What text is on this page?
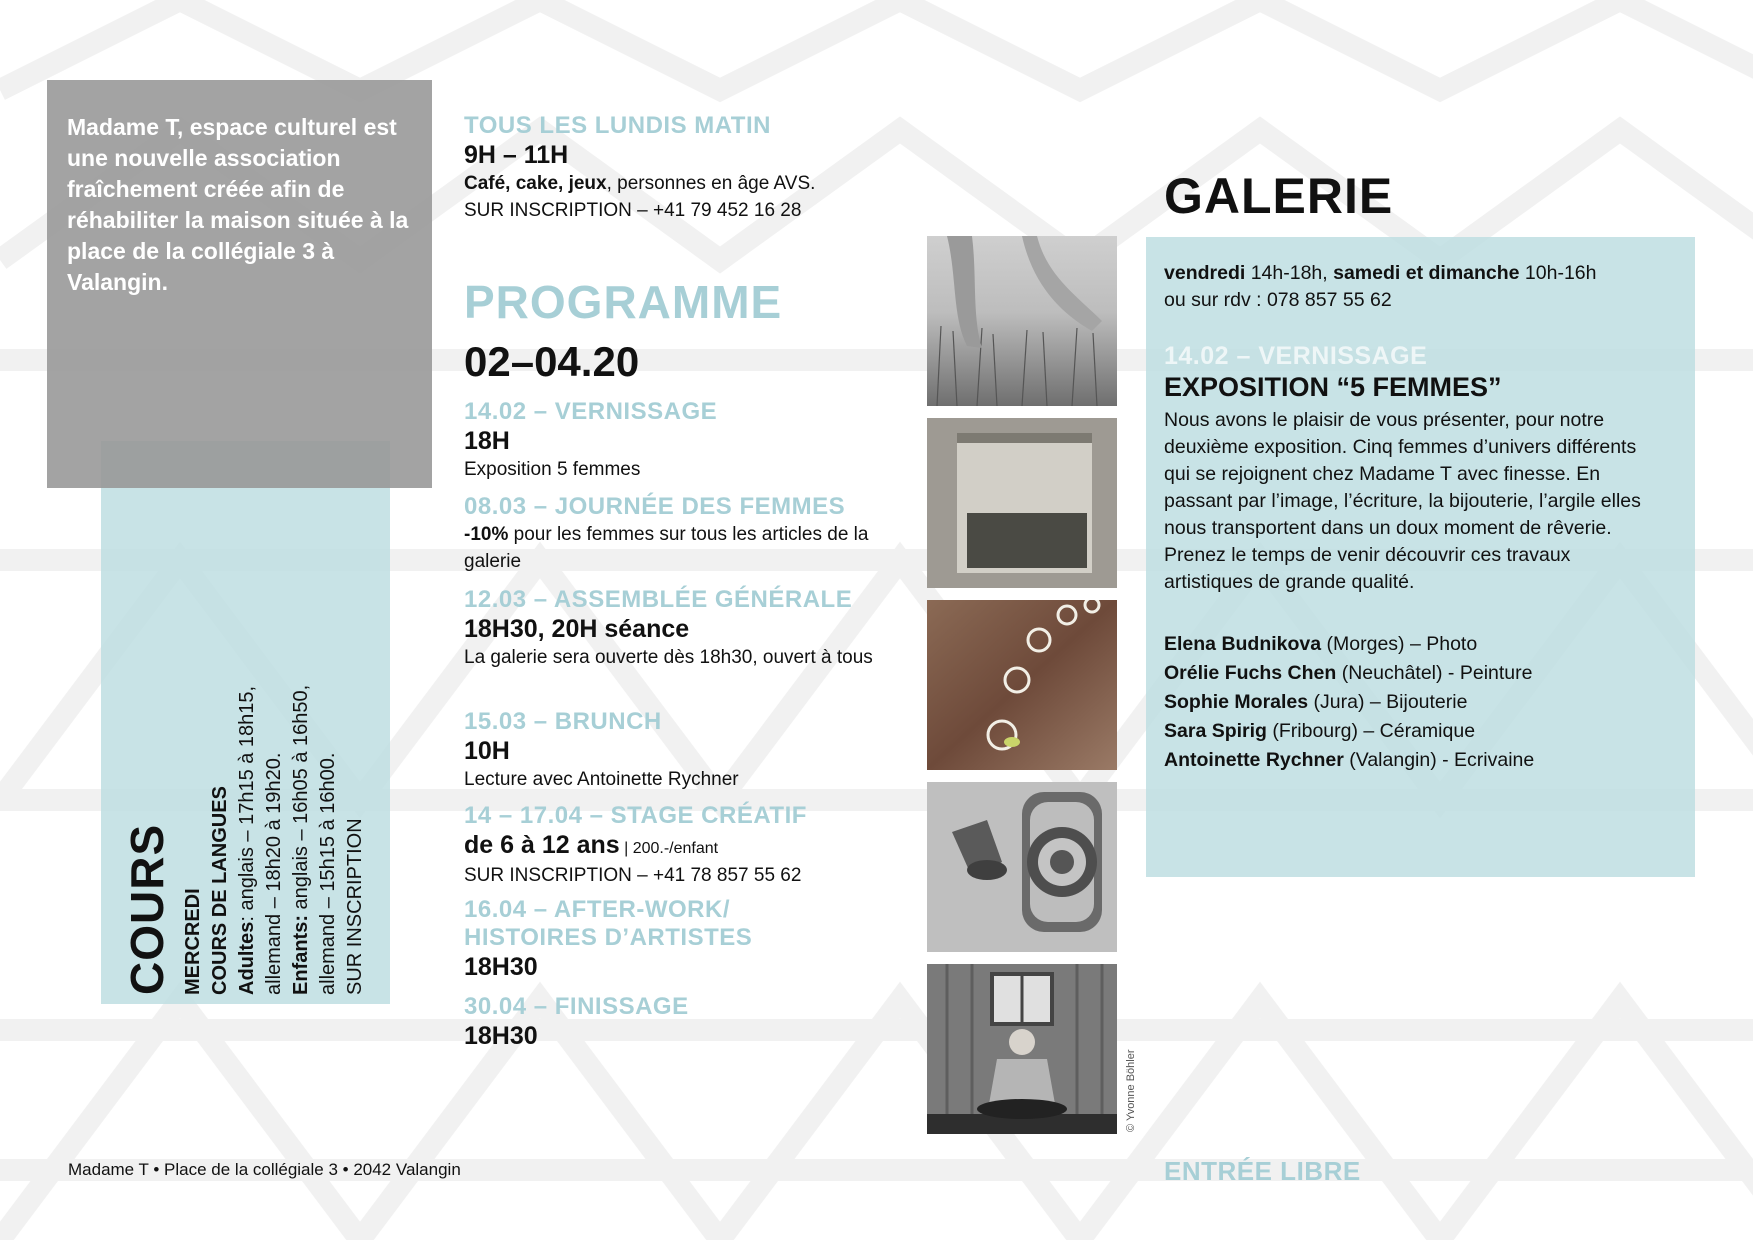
Madame T, espace culturel est une nouvelle association fraîchement créée afin de réhabiliter la maison située à la place de la collégiale 3 à Valangin.
COURS MERCREDI COURS DE LANGUES Adultes: anglais – 17h15 à 18h15, allemand – 18h20 à 19h20. Enfants: anglais – 16h05 à 16h50, allemand – 15h15 à 16h00. SUR INSCRIPTION

TOUS LES LUNDIS MATIN
9H – 11H
Café, cake, jeux, personnes en âge AVS.
SUR INSCRIPTION – +41 79 452 16 28
PROGRAMME
02–04.20
14.02 – VERNISSAGE
18H
Exposition 5 femmes
08.03 – JOURNÉE DES FEMMES
-10% pour les femmes sur tous les articles de la galerie
12.03 – ASSEMBLÉE GÉNÉRALE
18H30, 20H séance
La galerie sera ouverte dès 18h30, ouvert à tous
15.03 – BRUNCH
10H
Lecture avec Antoinette Rychner
14 – 17.04 – STAGE CRÉATIF
de 6 à 12 ans | 200.-/enfant
SUR INSCRIPTION – +41 78 857 55 62
16.04 – AFTER-WORK/
HISTOIRES D’ARTISTES
18H30
30.04 – FINISSAGE
18H30
© Yvonne Böhler
GALERIE
vendredi 14h-18h, samedi et dimanche 10h-16h
ou sur rdv : 078 857 55 62
14.02 – VERNISSAGE
EXPOSITION “5 FEMMES”
Nous avons le plaisir de vous présenter, pour notre deuxième exposition. Cinq femmes d’univers différents qui se rejoignent chez Madame T avec finesse. En passant par l’image, l’écriture, la bijouterie, l’argile elles nous transportent dans un doux moment de rêverie. Prenez le temps de venir découvrir ces travaux artistiques de grande qualité.
Elena Budnikova (Morges) – Photo
Orélie Fuchs Chen (Neuchâtel) - Peinture
Sophie Morales (Jura) – Bijouterie
Sara Spirig (Fribourg) – Céramique
Antoinette Rychner (Valangin) - Ecrivaine
Madame T • Place de la collégiale 3 • 2042 Valangin	ENTRÉE LIBRE
